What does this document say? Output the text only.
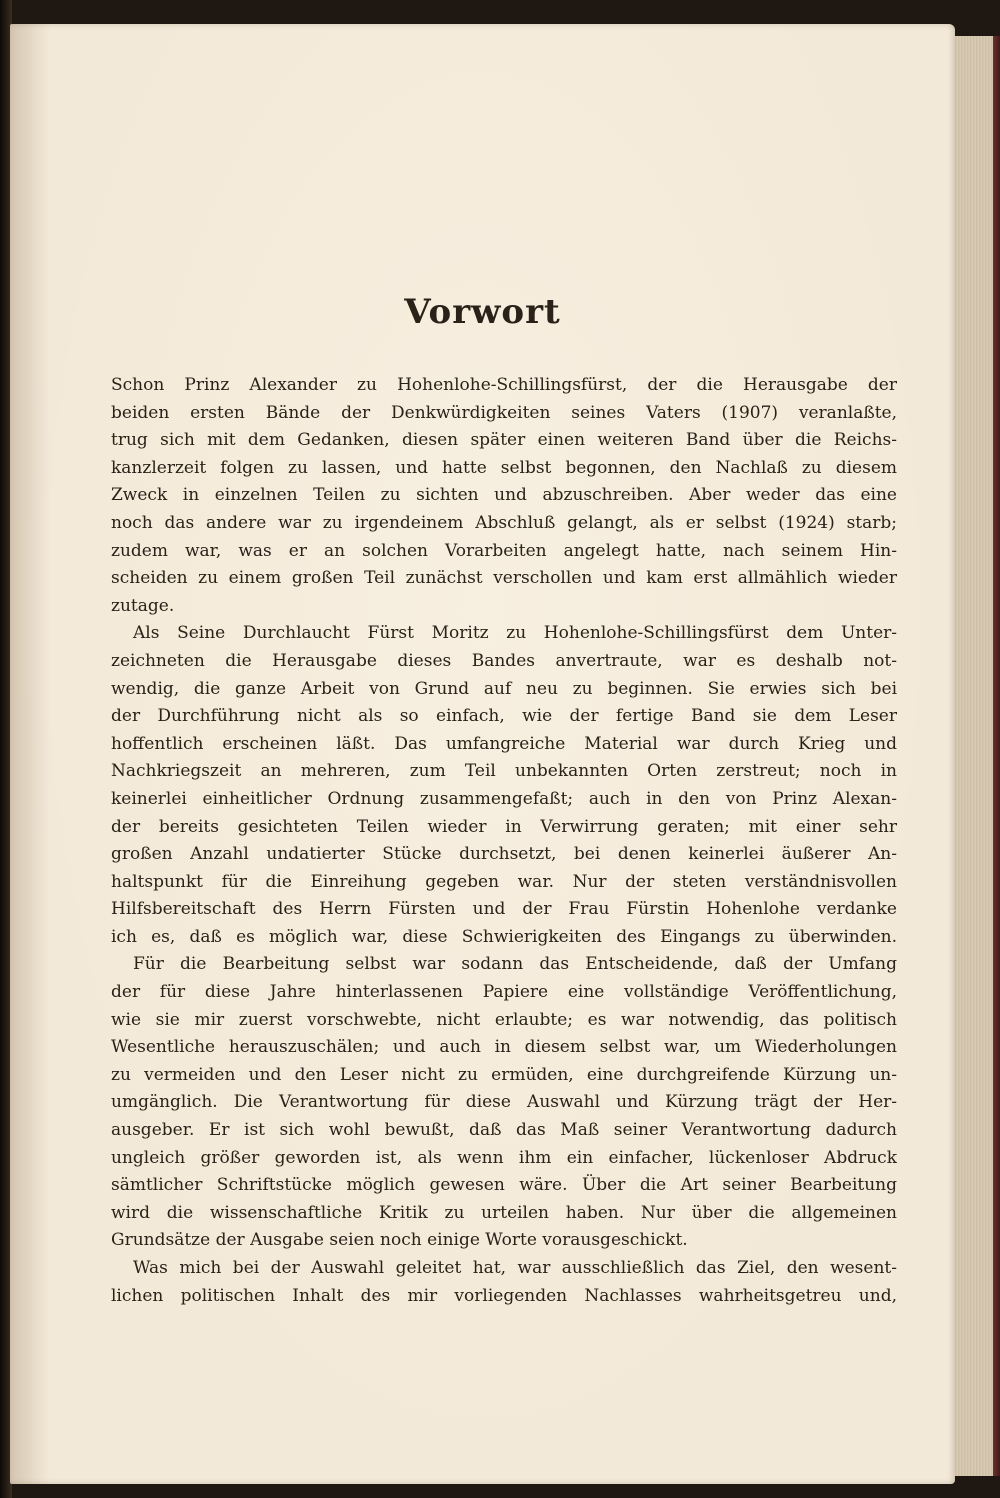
Vorwort
Schon Prinz Alexander zu Hohenlohe-Schillingsfürst, der die Herausgabe der
beiden ersten Bände der Denkwürdigkeiten seines Vaters (1907) veranlaßte,
trug sich mit dem Gedanken, diesen später einen weiteren Band über die Reichs-
kanzlerzeit folgen zu lassen, und hatte selbst begonnen, den Nachlaß zu diesem
Zweck in einzelnen Teilen zu sichten und abzuschreiben. Aber weder das eine
noch das andere war zu irgendeinem Abschluß gelangt, als er selbst (1924) starb;
zudem war, was er an solchen Vorarbeiten angelegt hatte, nach seinem Hin-
scheiden zu einem großen Teil zunächst verschollen und kam erst allmählich wieder
zutage.
Als Seine Durchlaucht Fürst Moritz zu Hohenlohe-Schillingsfürst dem Unter-
zeichneten die Herausgabe dieses Bandes anvertraute, war es deshalb not-
wendig, die ganze Arbeit von Grund auf neu zu beginnen. Sie erwies sich bei
der Durchführung nicht als so einfach, wie der fertige Band sie dem Leser
hoffentlich erscheinen läßt. Das umfangreiche Material war durch Krieg und
Nachkriegszeit an mehreren, zum Teil unbekannten Orten zerstreut; noch in
keinerlei einheitlicher Ordnung zusammengefaßt; auch in den von Prinz Alexan-
der bereits gesichteten Teilen wieder in Verwirrung geraten; mit einer sehr
großen Anzahl undatierter Stücke durchsetzt, bei denen keinerlei äußerer An-
haltspunkt für die Einreihung gegeben war. Nur der steten verständnisvollen
Hilfsbereitschaft des Herrn Fürsten und der Frau Fürstin Hohenlohe verdanke
ich es, daß es möglich war, diese Schwierigkeiten des Eingangs zu überwinden.
Für die Bearbeitung selbst war sodann das Entscheidende, daß der Umfang
der für diese Jahre hinterlassenen Papiere eine vollständige Veröffentlichung,
wie sie mir zuerst vorschwebte, nicht erlaubte; es war notwendig, das politisch
Wesentliche herauszuschälen; und auch in diesem selbst war, um Wiederholungen
zu vermeiden und den Leser nicht zu ermüden, eine durchgreifende Kürzung un-
umgänglich. Die Verantwortung für diese Auswahl und Kürzung trägt der Her-
ausgeber. Er ist sich wohl bewußt, daß das Maß seiner Verantwortung dadurch
ungleich größer geworden ist, als wenn ihm ein einfacher, lückenloser Abdruck
sämtlicher Schriftstücke möglich gewesen wäre. Über die Art seiner Bearbeitung
wird die wissenschaftliche Kritik zu urteilen haben. Nur über die allgemeinen
Grundsätze der Ausgabe seien noch einige Worte vorausgeschickt.
Was mich bei der Auswahl geleitet hat, war ausschließlich das Ziel, den wesent-
lichen politischen Inhalt des mir vorliegenden Nachlasses wahrheitsgetreu und,
